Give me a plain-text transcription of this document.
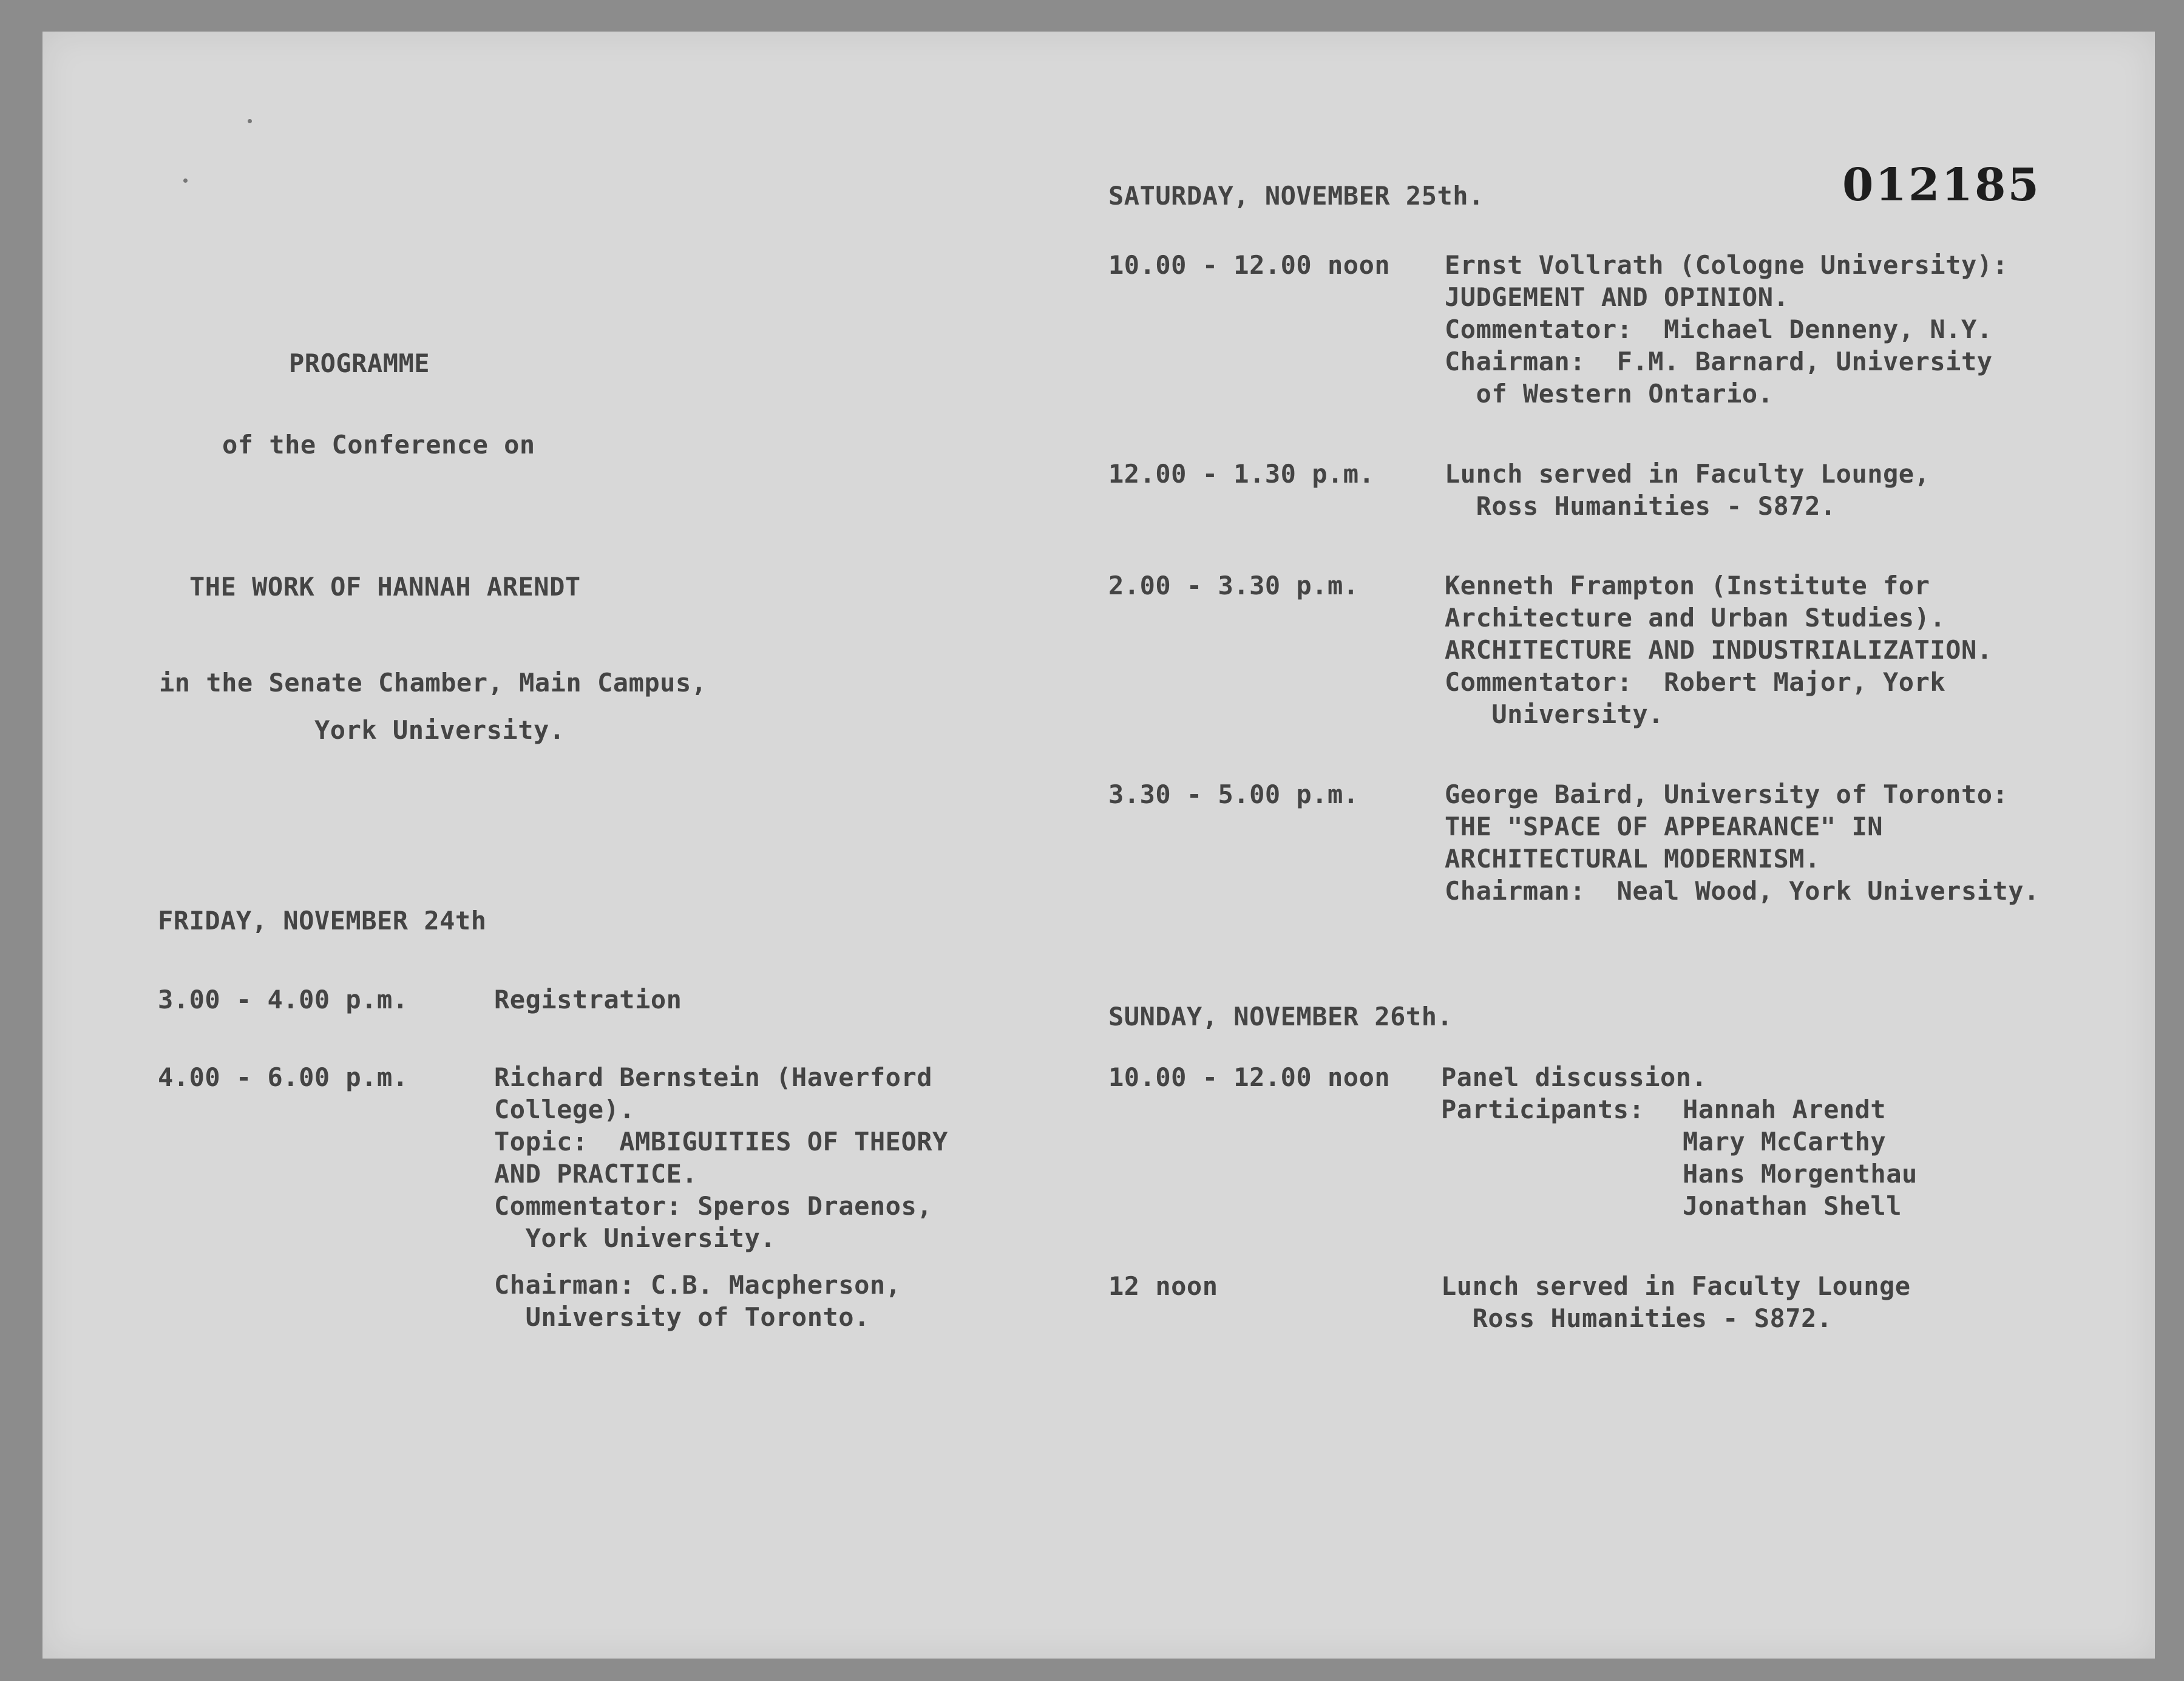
012185

PROGRAMME

of the Conference on

THE WORK OF HANNAH ARENDT

in the Senate Chamber, Main Campus,

York University.

FRIDAY, NOVEMBER 24th

3.00 - 4.00 p.m.	Registration

4.00 - 6.00 p.m.	Richard Bernstein (Haverford

College).

Topic:  AMBIGUITIES OF THEORY

AND PRACTICE.

Commentator: Speros Draenos,

York University.

Chairman: C.B. Macpherson,

University of Toronto.

SATURDAY, NOVEMBER 25th.

10.00 - 12.00 noon Ernst Vollrath (Cologne University):

JUDGEMENT AND OPINION.

Commentator:  Michael Denneny, N.Y.

Chairman:  F.M. Barnard, University

of Western Ontario.

12.00 - 1.30 p.m.	Lunch served in Faculty Lounge,

Ross Humanities - S872.

2.00 - 3.30 p.m.	Kenneth Frampton (Institute for

Architecture and Urban Studies).

ARCHITECTURE AND INDUSTRIALIZATION.

Commentator:  Robert Major, York

University.

3.30 - 5.00 p.m.	George Baird, University of Toronto:

THE "SPACE OF APPEARANCE" IN

ARCHITECTURAL MODERNISM.

Chairman:  Neal Wood, York University.

SUNDAY, NOVEMBER 26th.

10.00 - 12.00 noon Panel discussion.

Participants: Hannah Arendt

Mary McCarthy

Hans Morgenthau

Jonathan Shell

12 noon	Lunch served in Faculty Lounge

Ross Humanities - S872.
